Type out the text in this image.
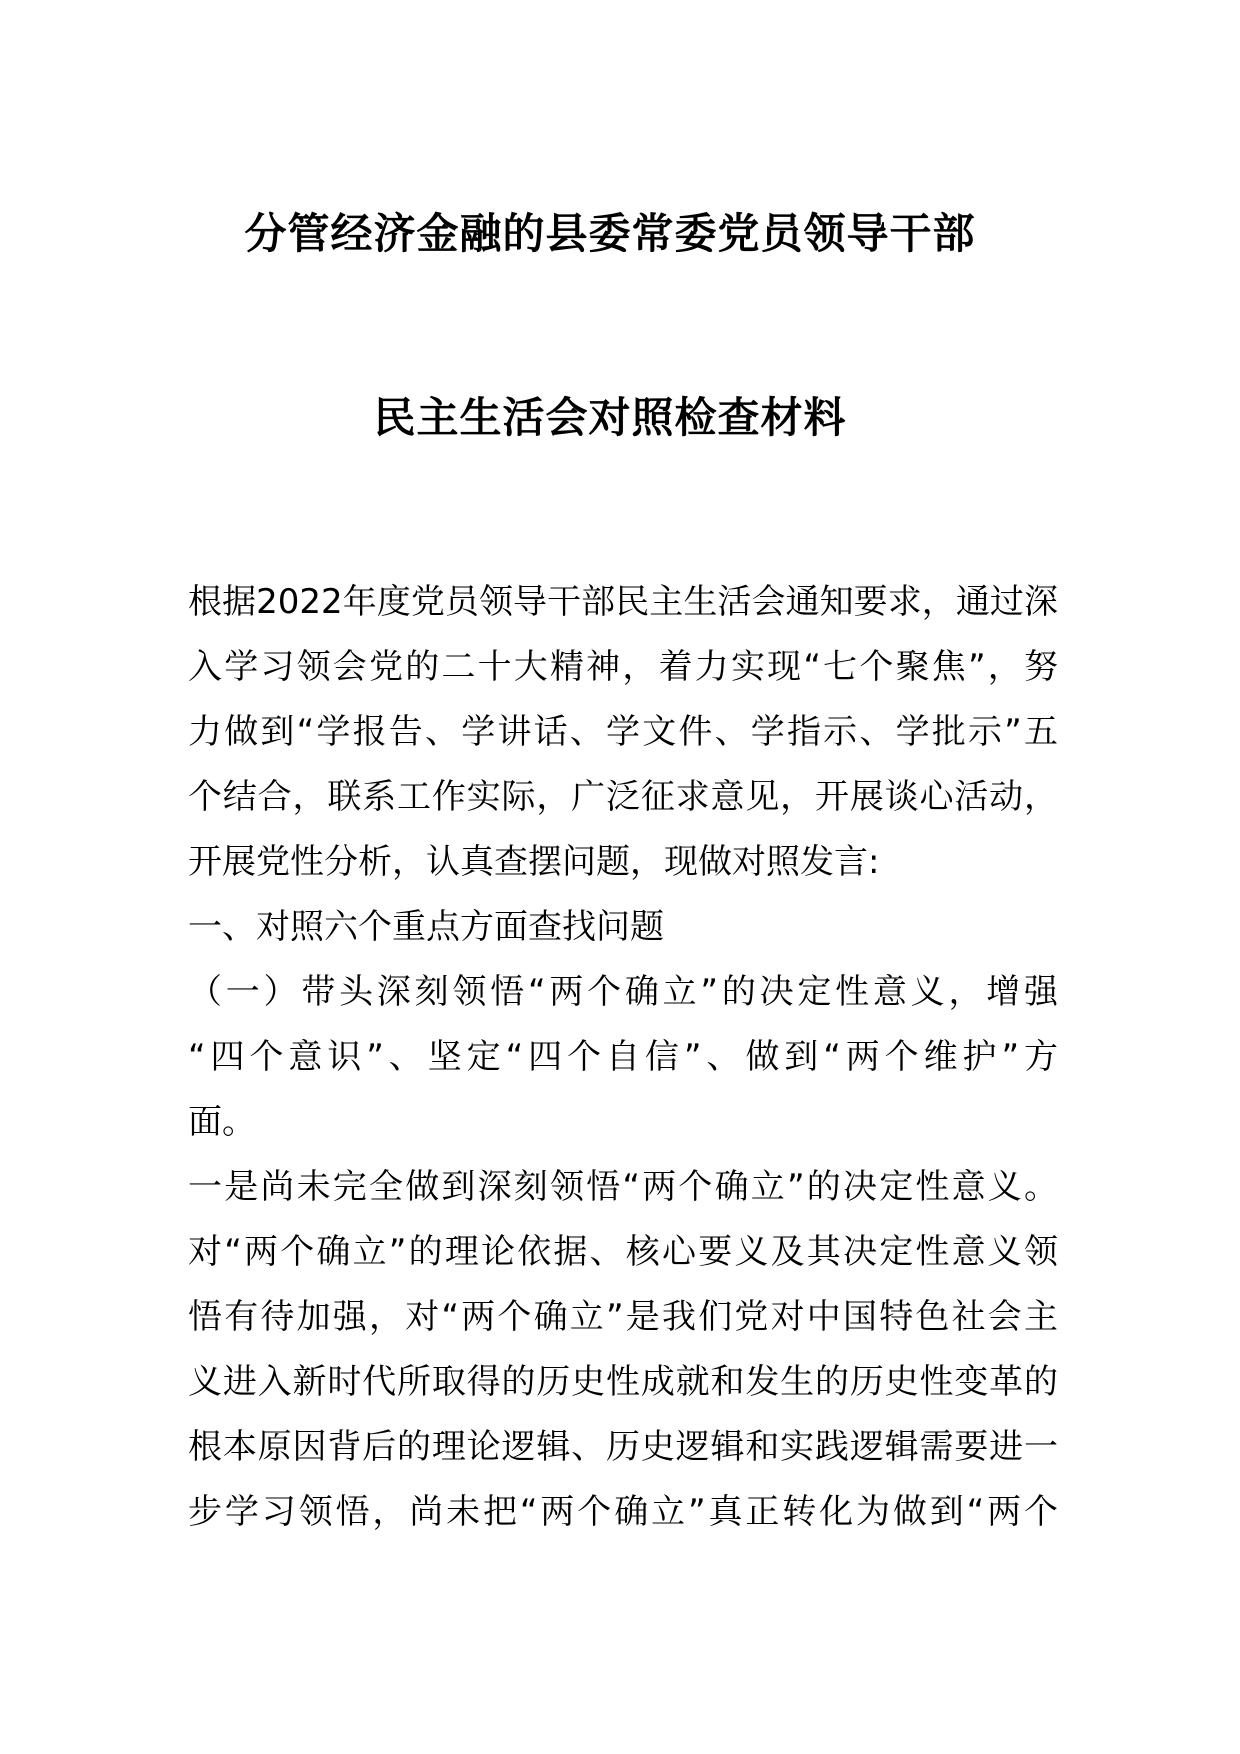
分管经济金融的县委常委党员领导干部
民主生活会对照检查材料
根据2022年度党员领导干部民主生活会通知要求，通过深
入学习领会党的二十大精神，着力实现“七个聚焦”，努
力做到“学报告、学讲话、学文件、学指示、学批示”五
个结合，联系工作实际，广泛征求意见，开展谈心活动，
开展党性分析，认真查摆问题，现做对照发言:
一、对照六个重点方面查找问题
（一）带头深刻领悟“两个确立”的决定性意义，增强
“四个意识”、坚定“四个自信”、做到“两个维护”方
面。
一是尚未完全做到深刻领悟“两个确立”的决定性意义。
对“两个确立”的理论依据、核心要义及其决定性意义领
悟有待加强，对“两个确立”是我们党对中国特色社会主
义进入新时代所取得的历史性成就和发生的历史性变革的
根本原因背后的理论逻辑、历史逻辑和实践逻辑需要进一
步学习领悟，尚未把“两个确立”真正转化为做到“两个
